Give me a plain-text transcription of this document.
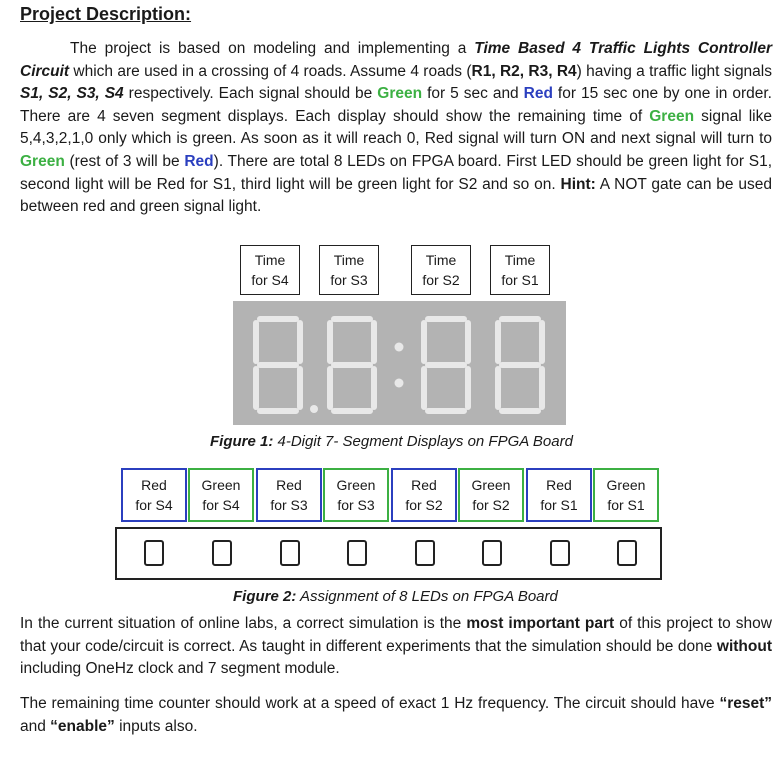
Project Description:
The project is based on modeling and implementing a Time Based 4 Traffic Lights Controller Circuit which are used in a crossing of 4 roads. Assume 4 roads (R1, R2, R3, R4) having a traffic light signals S1, S2, S3, S4 respectively. Each signal should be Green for 5 sec and Red for 15 sec one by one in order. There are 4 seven segment displays. Each display should show the remaining time of Green signal like 5,4,3,2,1,0 only which is green. As soon as it will reach 0, Red signal will turn ON and next signal will turn to Green (rest of 3 will be Red). There are total 8 LEDs on FPGA board. First LED should be green light for S1, second light will be Red for S1, third light will be green light for S2 and so on. Hint: A NOT gate can be used between red and green signal light.
Time
for S4
Time
for S3
Time
for S2
Time
for S1
Figure 1: 4-Digit 7- Segment Displays on FPGA Board
Red
for S4
Green
for S4
Red
for S3
Green
for S3
Red
for S2
Green
for S2
Red
for S1
Green
for S1
Figure 2: Assignment of 8 LEDs on FPGA Board
In the current situation of online labs, a correct simulation is the most important part of this project to show that your code/circuit is correct. As taught in different experiments that the simulation should be done without including OneHz clock and 7 segment module.
The remaining time counter should work at a speed of exact 1 Hz frequency. The circuit should have “reset” and “enable” inputs also.
